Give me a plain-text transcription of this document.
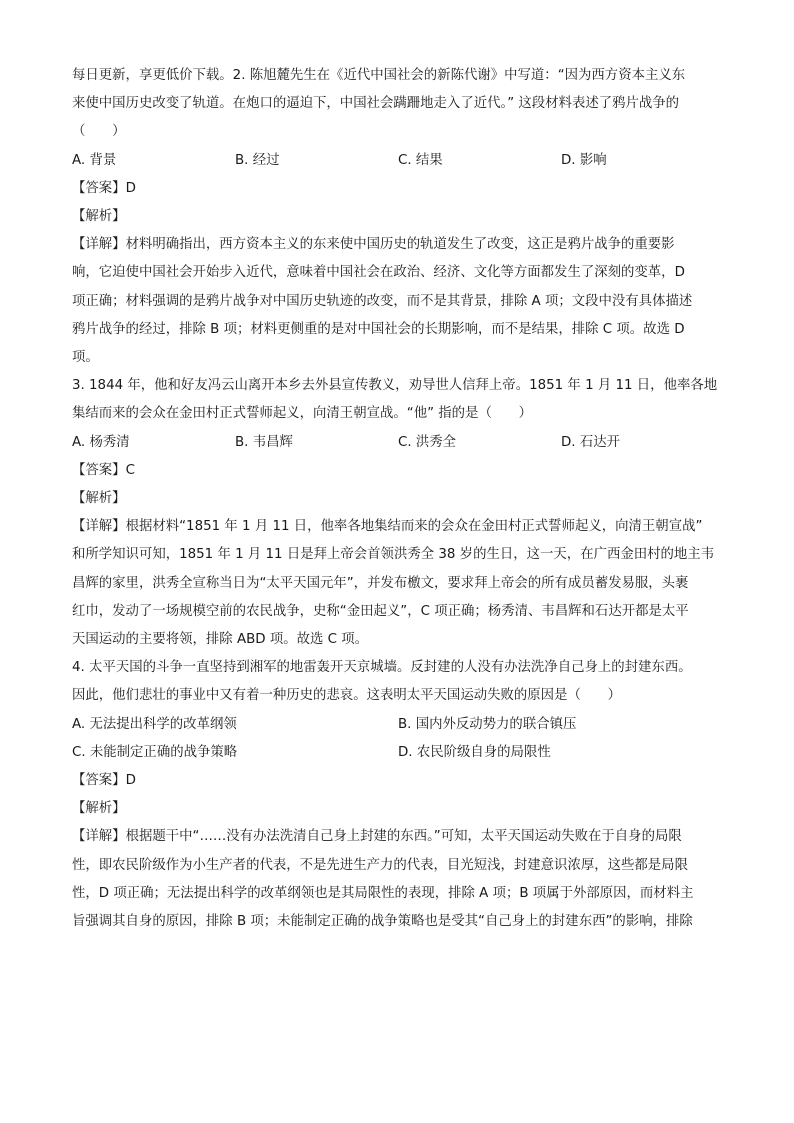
每日更新，享更低价下载。2. 陈旭麓先生在《近代中国社会的新陈代谢》中写道：“因为西方资本主义东

来使中国历史改变了轨道。在炮口的逼迫下，中国社会蹒跚地走入了近代。” 这段材料表述了鸦片战争的

（　　）

A. 背景	B. 经过	C. 结果	D. 影响

【答案】D

【解析】

【详解】材料明确指出，西方资本主义的东来使中国历史的轨道发生了改变，这正是鸦片战争的重要影

响，它迫使中国社会开始步入近代，意味着中国社会在政治、经济、文化等方面都发生了深刻的变革，D

项正确；材料强调的是鸦片战争对中国历史轨迹的改变，而不是其背景，排除 A 项；文段中没有具体描述

鸦片战争的经过，排除 B 项；材料更侧重的是对中国社会的长期影响，而不是结果，排除 C 项。故选 D

项。

3. 1844 年，他和好友冯云山离开本乡去外县宣传教义，劝导世人信拜上帝。1851 年 1 月 11 日，他率各地

集结而来的会众在金田村正式誓师起义，向清王朝宣战。“他” 指的是（　　）

A. 杨秀清	B. 韦昌辉	C. 洪秀全	D. 石达开

【答案】C

【解析】

【详解】根据材料“1851 年 1 月 11 日，他率各地集结而来的会众在金田村正式誓师起义，向清王朝宣战”

和所学知识可知，1851 年 1 月 11 日是拜上帝会首领洪秀全 38 岁的生日，这一天，在广西金田村的地主韦

昌辉的家里，洪秀全宣称当日为“太平天国元年”，并发布檄文，要求拜上帝会的所有成员蓄发易服，头裹

红巾，发动了一场规模空前的农民战争，史称“金田起义”，C 项正确；杨秀清、韦昌辉和石达开都是太平

天国运动的主要将领，排除 ABD 项。故选 C 项。

4. 太平天国的斗争一直坚持到湘军的地雷轰开天京城墙。反封建的人没有办法洗净自己身上的封建东西。

因此，他们悲壮的事业中又有着一种历史的悲哀。这表明太平天国运动失败的原因是（　　）

A. 无法提出科学的改革纲领	B. 国内外反动势力的联合镇压
C. 未能制定正确的战争策略	D. 农民阶级自身的局限性

【答案】D

【解析】

【详解】根据题干中“……没有办法洗清自己身上封建的东西。”可知，太平天国运动失败在于自身的局限

性，即农民阶级作为小生产者的代表，不是先进生产力的代表，目光短浅，封建意识浓厚，这些都是局限

性，D 项正确；无法提出科学的改革纲领也是其局限性的表现，排除 A 项；B 项属于外部原因，而材料主

旨强调其自身的原因，排除 B 项；未能制定正确的战争策略也是受其“自己身上的封建东西”的影响，排除
